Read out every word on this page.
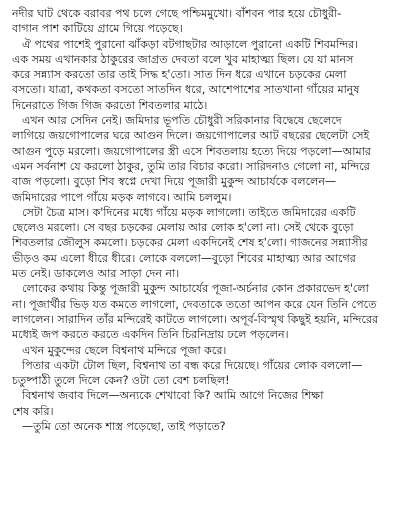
নদীর ঘাট থেকে বরাবর পথ চলে গেছে পশ্চিমমুখো। বাঁশবন পার হয়ে চৌধুরী-
বাগান পাশ কাটিয়ে গ্রামে গিয়ে পড়েছে।
ঐ পথের পাশেই পুরানো ঝাঁকড়া বটগাছটার আড়ালে পুরানো একটি শিবমন্দির।
এক সময় এখানকার ঠাকুরের জাগ্রত দেবতা বলে খুব মাহাত্ম্য ছিল। যে যা মানস
করে সন্ন্যাস করতো তার তাই সিদ্ধ হ'তো। সাত দিন ধরে এখানে চড়কের মেলা
বসতো। যাত্রা, কথকতা বসতো সাতদিন ধরে, আশেপাশের সাতখানা গাঁয়ের মানুষ
দিনেরাতে গিজ গিজ করতো শিবতলার মাঠে।
এখন আর সেদিন নেই। জমিদার ভূপতি চৌধুরী সরিকানার বিদ্বেষে ছেলেদে
লাগিয়ে জয়গোপালের ঘরে আগুন দিলে। জয়গোপালের আট বছরের ছেলেটা সেই
আগুন পুড়ে মরলো। জয়গোপালের স্ত্রী এসে শিবতলায় হত্যে দিয়ে পড়লো—আমার
এমন সর্বনাশ যে করলো ঠাকুর, তুমি তার বিচার করো। সারিদনাও গেলো না, মন্দিরে
বাজ পড়লো। বুড়ো শিব স্বপ্নে দেখা দিয়ে পূজারী মুকুন্দ আচার্যকে বললেন—
জমিদারের পাপে গাঁয়ে মড়ক লাগবে। আমি চললুম।
সেটা চৈত্র মাস। ক'দিনের মধ্যে গাঁয়ে মড়ক লাগলো। তাইতে জমিদারের একটি
ছেলেও মরলো। সে বছর চড়কের মেলায় আর লোক হ'লো না। সেই থেকে বুড়ো
শিবতলার জৌলুস কমলো। চড়কের মেলা একদিনেই শেষ হ'লো। গাজনের সন্ন্যাসীর
ভীড়ও কম এলো ধীরে ধীরে। লোকে বললো—বুড়ো শিবের মাহাত্ম্য আর আগের
মত নেই। ডাকলেও আর সাড়া দেন না।
লোকের কথায় কিন্তু পূজারী মুকুন্দ আচার্যের পূজা-অর্চনার কোন প্রকারভেদ হ'লো
না। পূজার্থীর ভিড় যত কমতে লাগলো, দেবতাকে ততো আপন করে যেন তিনি পেতে
লাগলেন। সারাদিন তাঁর মন্দিরেই কাটতে লাগলো। অপূর্ব-বিস্মৃথ কিছুই হয়নি, মন্দিরের
মধ্যেই জপ করতে করতে একদিন তিনি চিরনিদ্রায় ঢলে পড়লেন।
এখন মুকুন্দের ছেলে বিশ্বনাথ মন্দিরে পূজা করে।
পিতার একটা টোল ছিল, বিশ্বনাথ তা বন্ধ করে দিয়েছে। গাঁয়ের লোক বললো—
চতুষ্পাঠী তুলে দিলে কেন? ওটা তো বেশ চলছিল!
বিশ্বনাথ জবাব দিলে—অন্যকে শেখাবো কি? আমি আগে নিজের শিক্ষা
শেষ করি।
—তুমি তো অনেক শাস্ত্র পড়েছো, তাই পড়াতে?
